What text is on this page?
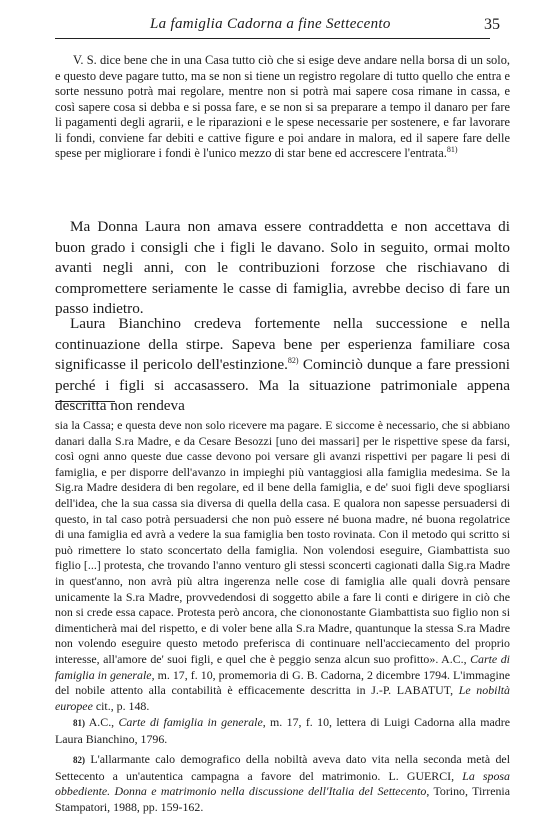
La famiglia Cadorna a fine Settecento	35

V. S. dice bene che in una Casa tutto ciò che si esige deve andare nella borsa di un solo, e questo deve pagare tutto, ma se non si tiene un registro regolare di tutto quello che entra e sorte nessuno potrà mai regolare, mentre non si potrà mai sapere cosa rimane in cassa, e così sapere cosa si debba e si possa fare, e se non si sa preparare a tempo il danaro per fare li pagamenti degli agrarii, e le riparazioni e le spese necessarie per sostenere, e far lavorare li fondi, conviene far debiti e cattive figure e poi andare in malora, ed il sapere fare delle spese per migliorare i fondi è l'unico mezzo di star bene ed accrescere l'entrata.$^{81)}$

Ma Donna Laura non amava essere contraddetta e non accettava di buon grado i consigli che i figli le davano. Solo in seguito, ormai molto avanti negli anni, con le contribuzioni forzose che rischiavano di compromettere seriamente le casse di famiglia, avrebbe deciso di fare un passo indietro.

Laura Bianchino credeva fortemente nella successione e nella continuazione della stirpe. Sapeva bene per esperienza familiare cosa significasse il pericolo dell'estinzione.$^{82)}$ Cominciò dunque a fare pressioni perché i figli si accasassero. Ma la situazione patrimoniale appena descritta non rendeva

sia la Cassa; e questa deve non solo ricevere ma pagare. E siccome è necessario, che si abbiano danari dalla S.ra Madre, e da Cesare Besozzi [uno dei massari] per le rispettive spese da farsi, così ogni anno queste due casse devono poi versare gli avanzi rispettivi per pagare li pesi di famiglia, e per disporre dell'avanzo in impieghi più vantaggiosi alla famiglia medesima. Se la Sig.ra Madre desidera di ben regolare, ed il bene della famiglia, e de' suoi figli deve spogliarsi dell'idea, che la sua cassa sia diversa di quella della casa. E qualora non sapesse persuadersi di questo, in tal caso potrà persuadersi che non può essere né buona madre, né buona regolatrice di una famiglia ed avrà a vedere la sua famiglia ben tosto rovinata. Con il metodo qui scritto si può rimettere lo stato sconcertato della famiglia. Non volendosi eseguire, Giambattista suo figlio [...] protesta, che trovando l'anno venturo gli stessi sconcerti cagionati dalla Sig.ra Madre in quest'anno, non avrà più altra ingerenza nelle cose di famiglia alle quali dovrà pensare unicamente la S.ra Madre, provvedendosi di soggetto abile a fare li conti e dirigere in ciò che non si crede essa capace. Protesta però ancora, che ciononostante Giambattista suo figlio non si dimenticherà mai del rispetto, e di voler bene alla S.ra Madre, quantunque la stessa S.ra Madre non volendo eseguire questo metodo preferisca di continuare nell'acciecamento del proprio interesse, all'amore de' suoi figli, e quel che è peggio senza alcun suo profitto». A.C., Carte di famiglia in generale, m. 17, f. 10, promemoria di G. B. Cadorna, 2 dicembre 1794. L'immagine del nobile attento alla contabilità è efficacemente descritta in J.-P. LABATUT, Le nobiltà europee cit., p. 148.

81) A.C., Carte di famiglia in generale, m. 17, f. 10, lettera di Luigi Cadorna alla madre Laura Bianchino, 1796.

82) L'allarmante calo demografico della nobiltà aveva dato vita nella seconda metà del Settecento a un'autentica campagna a favore del matrimonio. L. GUERCI, La sposa obbediente. Donna e matrimonio nella discussione dell'Italia del Settecento, Torino, Tirrenia Stampatori, 1988, pp. 159-162.
